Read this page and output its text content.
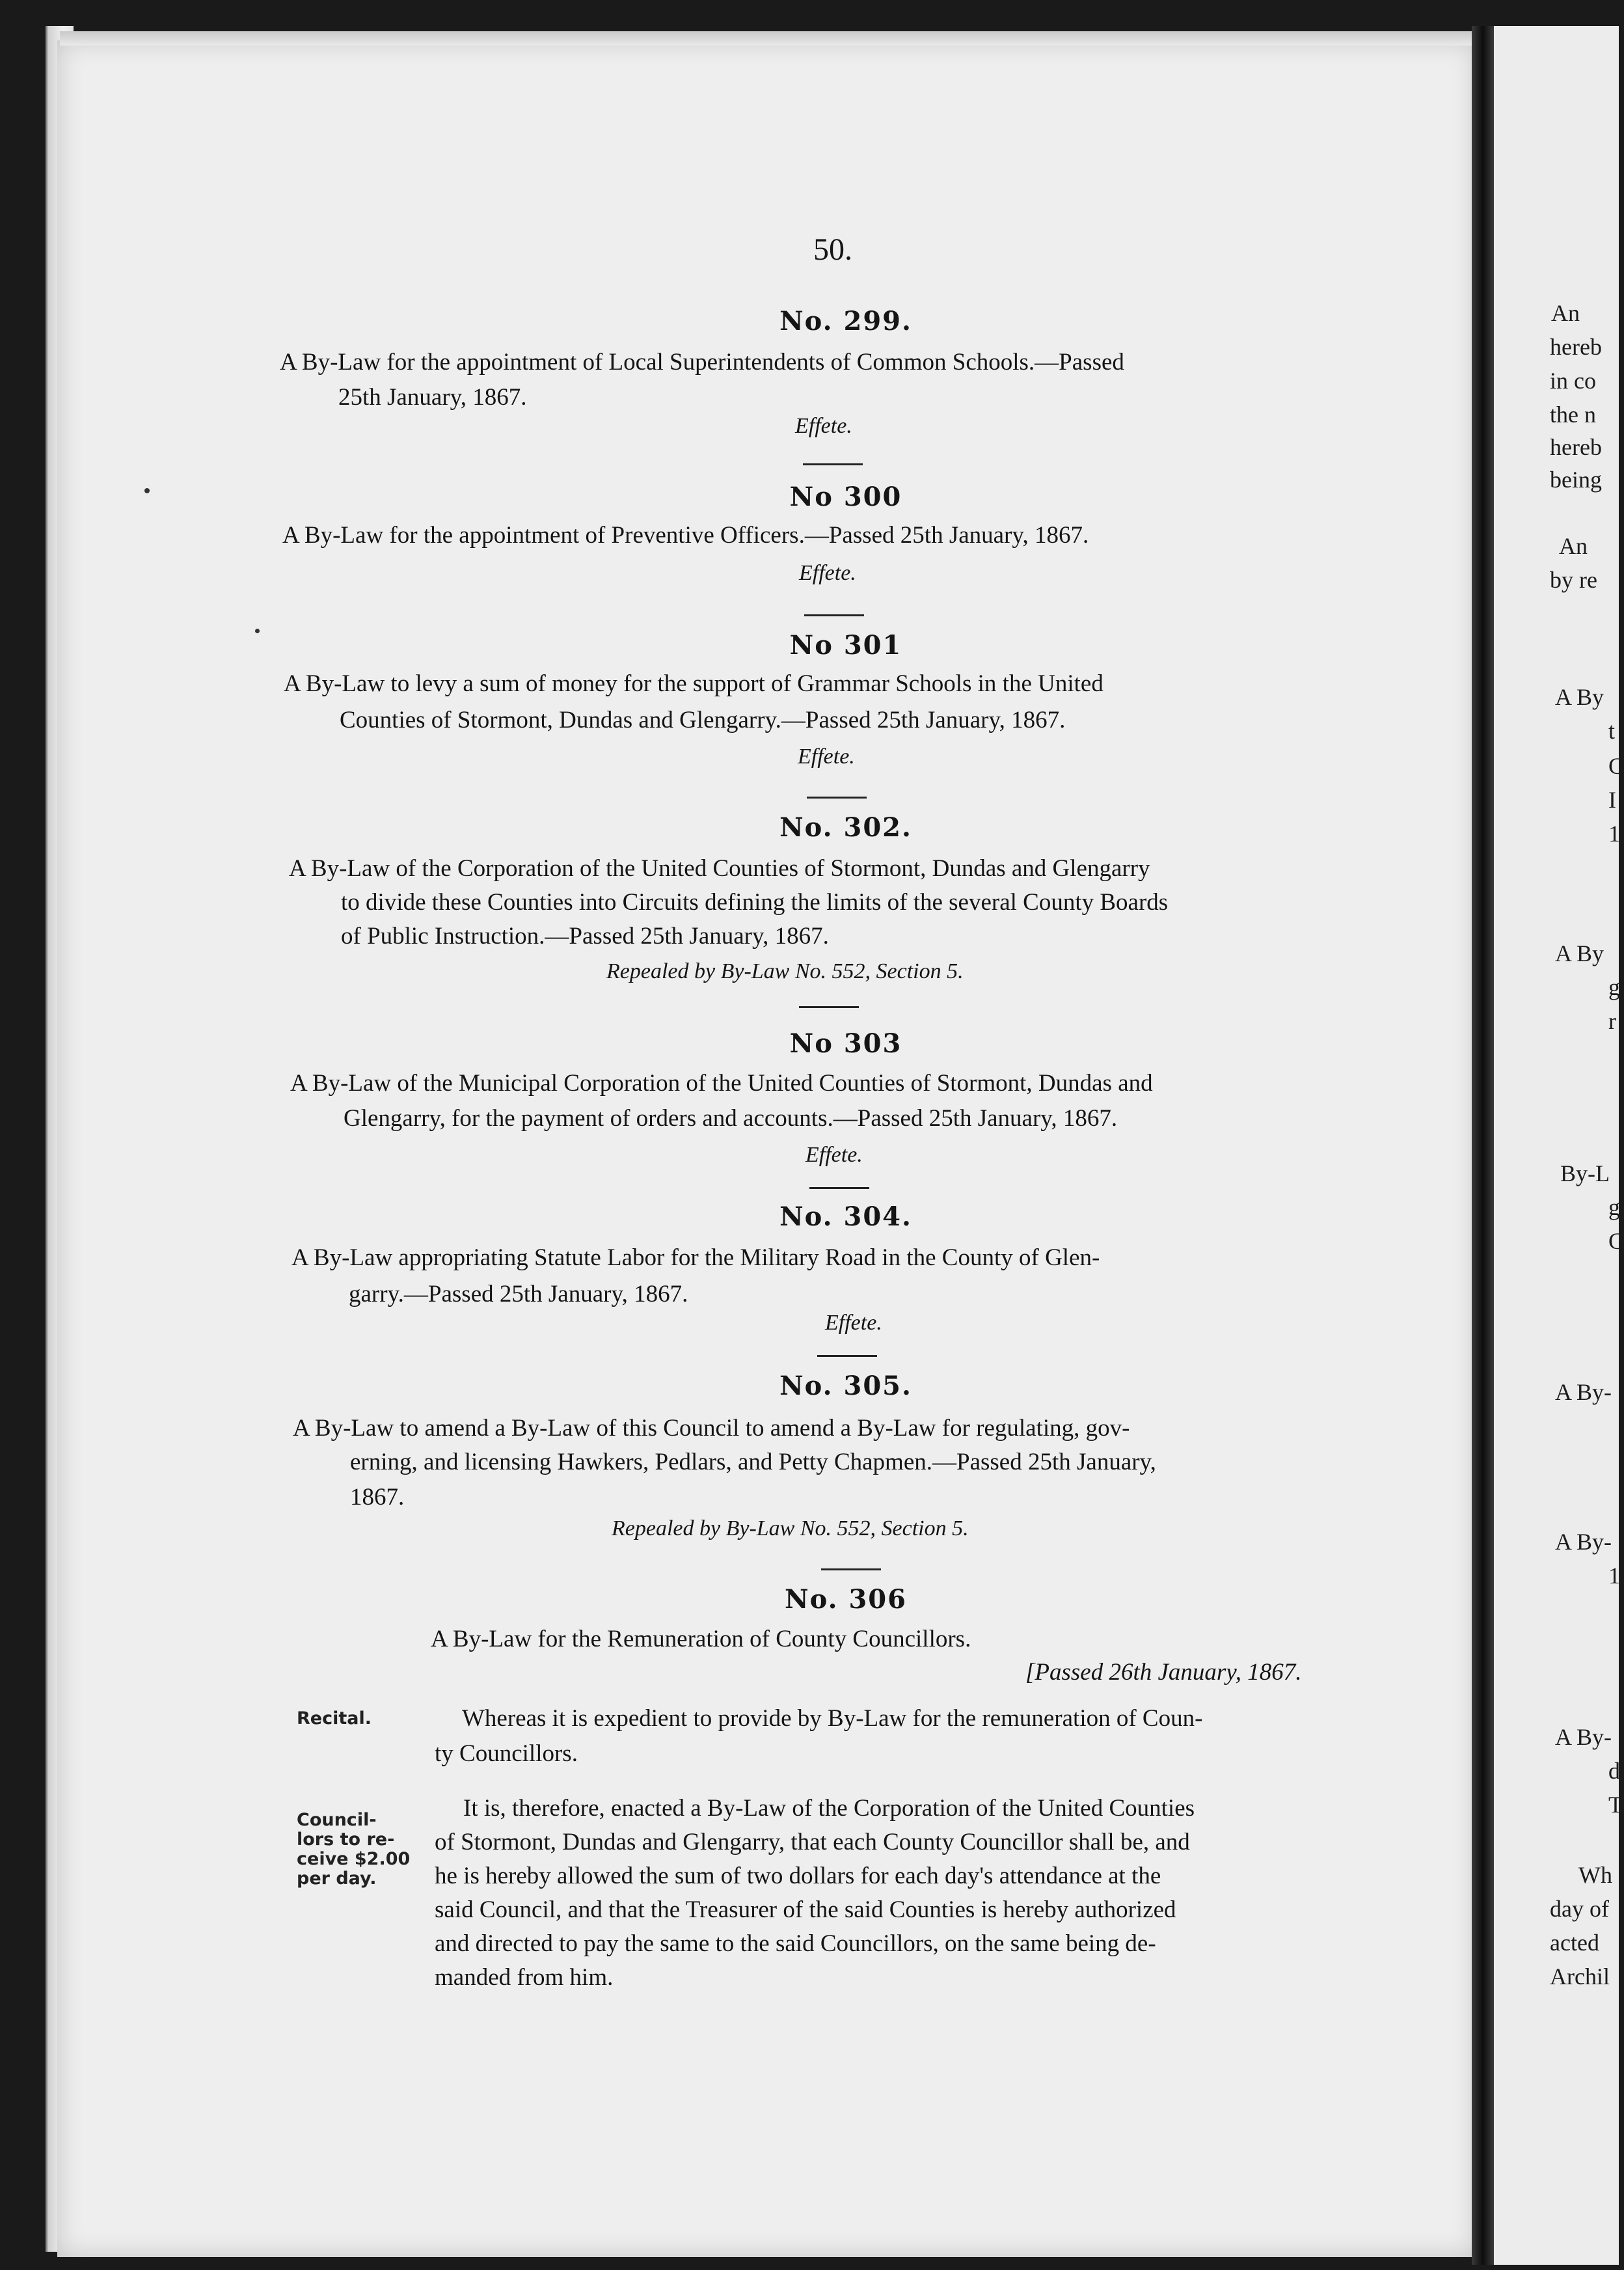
An
hereb
in co
the n
hereb
being
An
by re
A By
t
C
I
1
A By
g
r
By-L
g
C
A By-
A By-
1
A By-
d
T
Wh
day of
acted
Archil
50.
No. 299.
A By-Law for the appointment of Local Superintendents of Common Schools.—Passed
25th January, 1867.
Effete.
No 300
A By-Law for the appointment of Preventive Officers.—Passed 25th January, 1867.
Effete.
No 301
A By-Law to levy a sum of money for the support of Grammar Schools in the United
Counties of Stormont, Dundas and Glengarry.—Passed 25th January, 1867.
Effete.
No. 302.
A By-Law of the Corporation of the United Counties of Stormont, Dundas and Glengarry
to divide these Counties into Circuits defining the limits of the several County Boards
of Public Instruction.—Passed 25th January, 1867.
Repealed by By-Law No. 552, Section 5.
No 303
A By-Law of the Municipal Corporation of the United Counties of Stormont, Dundas and
Glengarry, for the payment of orders and accounts.—Passed 25th January, 1867.
Effete.
No. 304.
A By-Law appropriating Statute Labor for the Military Road in the County of Glen-
garry.—Passed 25th January, 1867.
Effete.
No. 305.
A By-Law to amend a By-Law of this Council to amend a By-Law for regulating, gov-
erning, and licensing Hawkers, Pedlars, and Petty Chapmen.—Passed 25th January,
1867.
Repealed by By-Law No. 552, Section 5.
No. 306
A By-Law for the Remuneration of County Councillors.
[Passed 26th January, 1867.
Recital.	Whereas it is expedient to provide by By-Law for the remuneration of Coun-
ty Councillors.
Council-
lors to re-
ceive $2.00
per day.
It is, therefore, enacted a By-Law of the Corporation of the United Counties
of Stormont, Dundas and Glengarry, that each County Councillor shall be, and
he is hereby allowed the sum of two dollars for each day's attendance at the
said Council, and that the Treasurer of the said Counties is hereby authorized
and directed to pay the same to the said Councillors, on the same being de-
manded from him.
